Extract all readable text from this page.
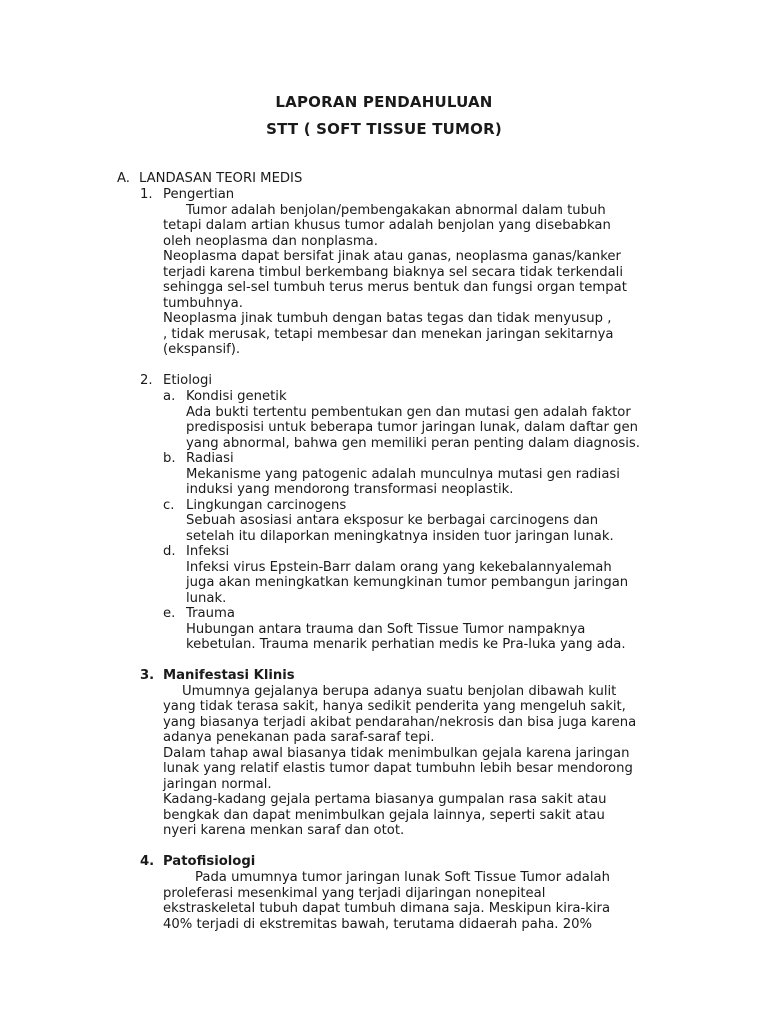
LAPORAN PENDAHULUAN
STT ( SOFT TISSUE TUMOR)
A. LANDASAN TEORI MEDIS
1. Pengertian
Tumor adalah benjolan/pembengakakan abnormal dalam tubuh
tetapi dalam artian khusus tumor adalah benjolan yang disebabkan
oleh neoplasma dan nonplasma.
Neoplasma dapat bersifat jinak atau ganas, neoplasma ganas/kanker
terjadi karena timbul berkembang biaknya sel secara tidak terkendali
sehingga sel-sel tumbuh terus merus bentuk dan fungsi organ tempat
tumbuhnya.
Neoplasma jinak tumbuh dengan batas tegas dan tidak menyusup ,
, tidak merusak, tetapi membesar dan menekan jaringan sekitarnya
(ekspansif).
2. Etiologi
a. Kondisi genetik
Ada bukti tertentu pembentukan gen dan mutasi gen adalah faktor
predisposisi untuk beberapa tumor jaringan lunak, dalam daftar gen
yang abnormal, bahwa gen memiliki peran penting dalam diagnosis.
b. Radiasi
Mekanisme yang patogenic adalah munculnya mutasi gen radiasi
induksi yang mendorong transformasi neoplastik.
c. Lingkungan carcinogens
Sebuah asosiasi antara eksposur ke berbagai carcinogens dan
setelah itu dilaporkan meningkatnya insiden tuor jaringan lunak.
d. Infeksi
Infeksi virus Epstein-Barr dalam orang yang kekebalannyalemah
juga akan meningkatkan kemungkinan tumor pembangun jaringan
lunak.
e. Trauma
Hubungan antara trauma dan Soft Tissue Tumor nampaknya
kebetulan. Trauma menarik perhatian medis ke Pra-luka yang ada.
3. Manifestasi Klinis
Umumnya gejalanya berupa adanya suatu benjolan dibawah kulit
yang tidak terasa sakit, hanya sedikit penderita yang mengeluh sakit,
yang biasanya terjadi akibat pendarahan/nekrosis dan bisa juga karena
adanya penekanan pada saraf-saraf tepi.
Dalam tahap awal biasanya tidak menimbulkan gejala karena jaringan
lunak yang relatif elastis tumor dapat tumbuhn lebih besar mendorong
jaringan normal.
Kadang-kadang gejala pertama biasanya gumpalan rasa sakit atau
bengkak dan dapat menimbulkan gejala lainnya, seperti sakit atau
nyeri karena menkan saraf dan otot.
4. Patofisiologi
Pada umumnya tumor jaringan lunak Soft Tissue Tumor adalah
proleferasi mesenkimal yang terjadi dijaringan nonepiteal
ekstraskeletal tubuh dapat tumbuh dimana saja. Meskipun kira-kira
40% terjadi di ekstremitas bawah, terutama didaerah paha. 20%
